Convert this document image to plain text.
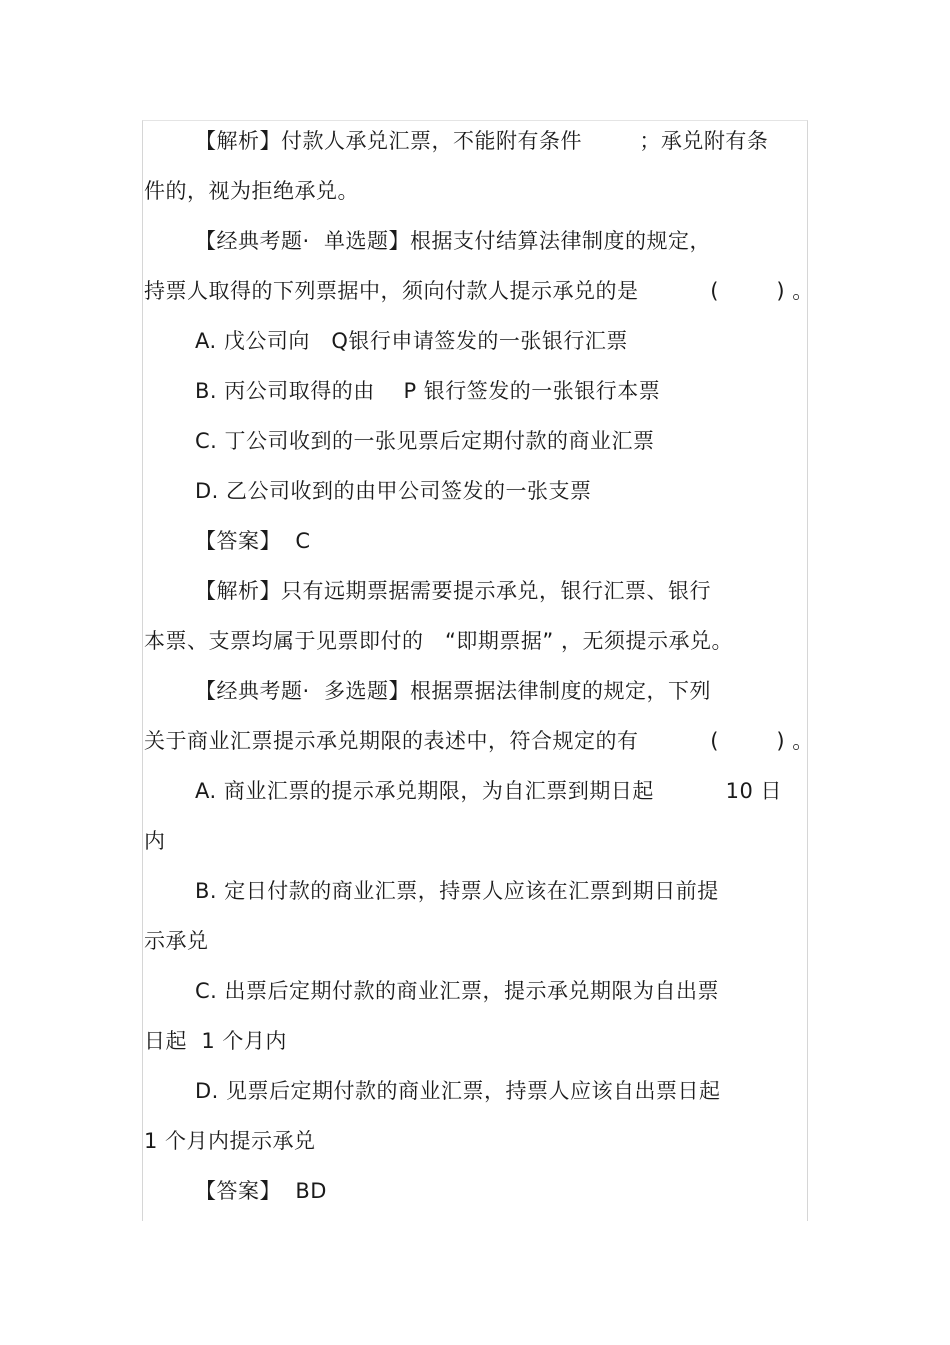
【解析】付款人承兑汇票，不能附有条件        ；承兑附有条
件的，视为拒绝承兑。
【经典考题·  单选题】根据支付结算法律制度的规定，
持票人取得的下列票据中，须向付款人提示承兑的是          (        ) 。
A. 戊公司向   Q银行申请签发的一张银行汇票
B. 丙公司取得的由    P 银行签发的一张银行本票
C. 丁公司收到的一张见票后定期付款的商业汇票
D. 乙公司收到的由甲公司签发的一张支票
【答案】  C
【解析】只有远期票据需要提示承兑，银行汇票、银行
本票、支票均属于见票即付的   “即期票据” ，无须提示承兑。
【经典考题·  多选题】根据票据法律制度的规定，下列
关于商业汇票提示承兑期限的表述中，符合规定的有          (        ) 。
A. 商业汇票的提示承兑期限，为自汇票到期日起          10 日
内
B. 定日付款的商业汇票，持票人应该在汇票到期日前提
示承兑
C. 出票后定期付款的商业汇票，提示承兑期限为自出票
日起  1 个月内
D. 见票后定期付款的商业汇票，持票人应该自出票日起
1 个月内提示承兑
【答案】  BD
